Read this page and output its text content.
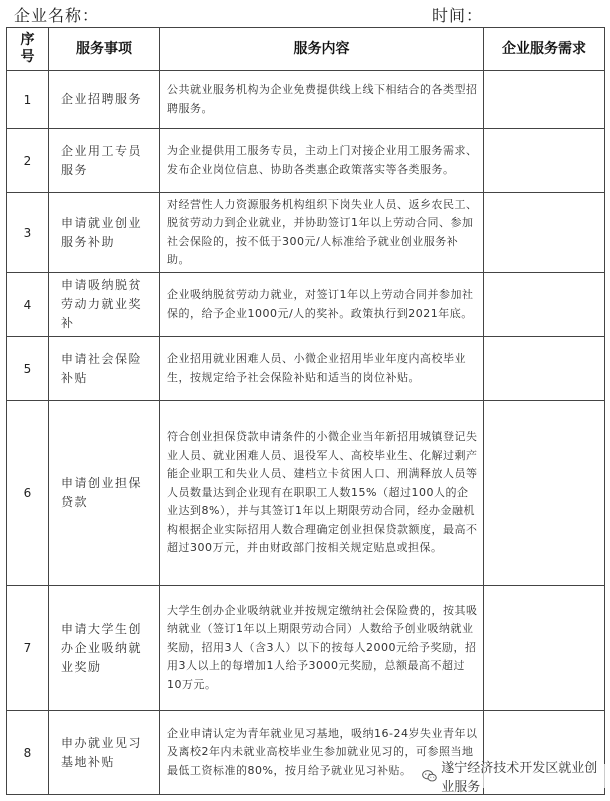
企业名称：	时间：
序号	服务事项	服务内容	企业服务需求
1	企业招聘服务	公共就业服务机构为企业免费提供线上线下相结合的各类型招聘服务。	
2	企业用工专员服务	为企业提供用工服务专员，主动上门对接企业用工服务需求、发布企业岗位信息、协助各类惠企政策落实等各类服务。	
3	申请就业创业服务补助	对经营性人力资源服务机构组织下岗失业人员、返乡农民工、脱贫劳动力到企业就业，并协助签订1年以上劳动合同、参加社会保险的，按不低于300元/人标准给予就业创业服务补助。	
4	申请吸纳脱贫劳动力就业奖补	企业吸纳脱贫劳动力就业，对签订1年以上劳动合同并参加社保的，给予企业1000元/人的奖补。政策执行到2021年底。	
5	申请社会保险补贴	企业招用就业困难人员、小微企业招用毕业年度内高校毕业生，按规定给予社会保险补贴和适当的岗位补贴。	
6	申请创业担保贷款	符合创业担保贷款申请条件的小微企业当年新招用城镇登记失业人员、就业困难人员、退役军人、高校毕业生、化解过剩产能企业职工和失业人员、建档立卡贫困人口、刑满释放人员等人员数量达到企业现有在职职工人数15%（超过100人的企业达到8%），并与其签订1年以上期限劳动合同，经办金融机构根据企业实际招用人数合理确定创业担保贷款额度，最高不超过300万元，并由财政部门按相关规定贴息或担保。	
7	申请大学生创办企业吸纳就业奖励	大学生创办企业吸纳就业并按规定缴纳社会保险费的，按其吸纳就业（签订1年以上期限劳动合同）人数给予创业吸纳就业奖励，招用3人（含3人）以下的按每人2000元给予奖励，招用3人以上的每增加1人给予3000元奖励，总额最高不超过10万元。	
8	申办就业见习基地补贴	企业申请认定为青年就业见习基地，吸纳16-24岁失业青年以及离校2年内未就业高校毕业生参加就业见习的，可参照当地最低工资标准的80%，按月给予就业见习补贴。	遂宁经济技术开发区就业创业服务
